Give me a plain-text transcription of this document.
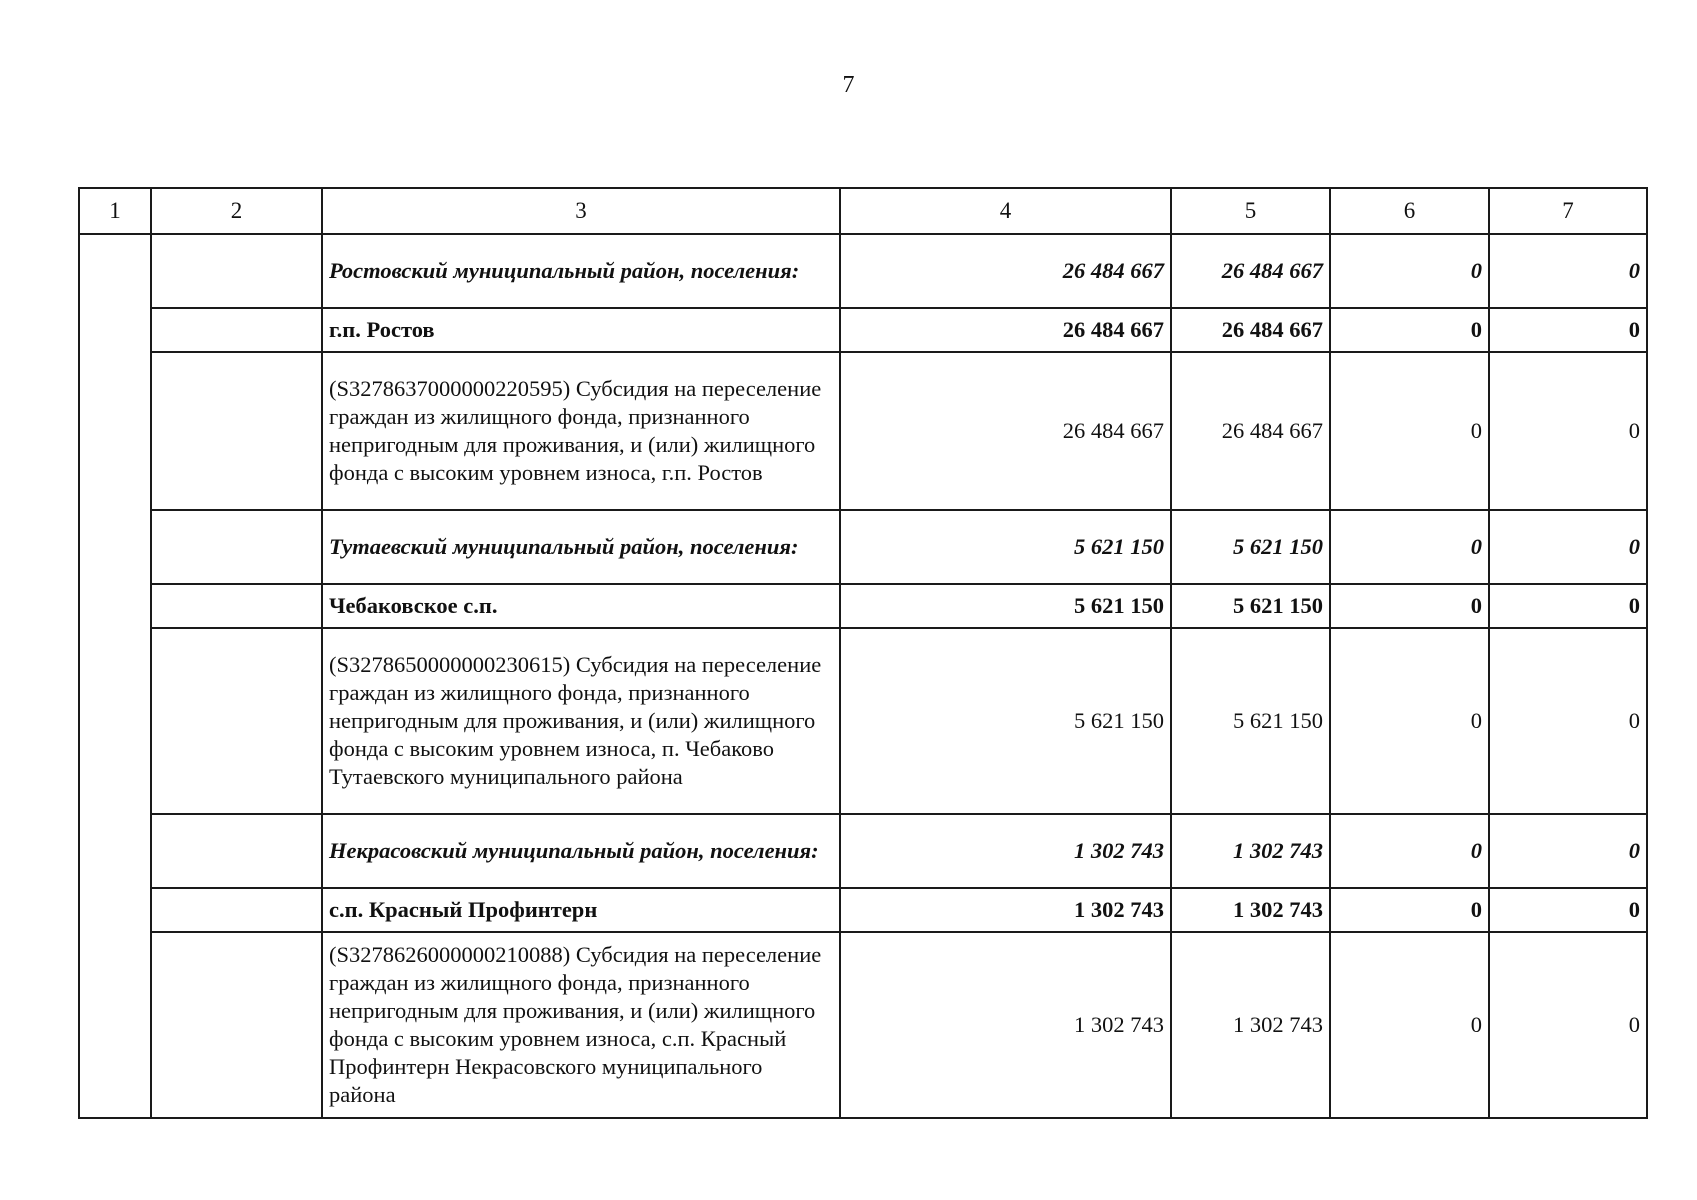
7
1	2	3	4	5	6	7
		Ростовский муниципальный район, поселения:	26 484 667	26 484 667	0	0
		г.п. Ростов	26 484 667	26 484 667	0	0
		(S327863700000022059​5) Субсидия на переселение граждан из жилищного фонда, признанного непригодным для проживания, и (или) жилищного фонда с высоким уровнем износа, г.п. Ростов	26 484 667	26 484 667	0	0
		Тутаевский муниципальный район, поселения:	5 621 150	5 621 150	0	0
		Чебаковское с.п.	5 621 150	5 621 150	0	0
		(S3278650000000230615) Субсидия на переселение граждан из жилищного фонда, признанного непригодным для проживания, и (или) жилищного фонда с высоким уровнем износа, п. Чебаково Тутаевского муниципального района	5 621 150	5 621 150	0	0
		Некрасовский муниципальный район, поселения:	1 302 743	1 302 743	0	0
		с.п. Красный Профинтерн	1 302 743	1 302 743	0	0
		(S3278626000000210088) Субсидия на переселение граждан из жилищного фонда, признанного непригодным для проживания, и (или) жилищного фонда с высоким уровнем износа, с.п. Красный Профинтерн Некрасовского муниципального района	1 302 743	1 302 743	0	0
